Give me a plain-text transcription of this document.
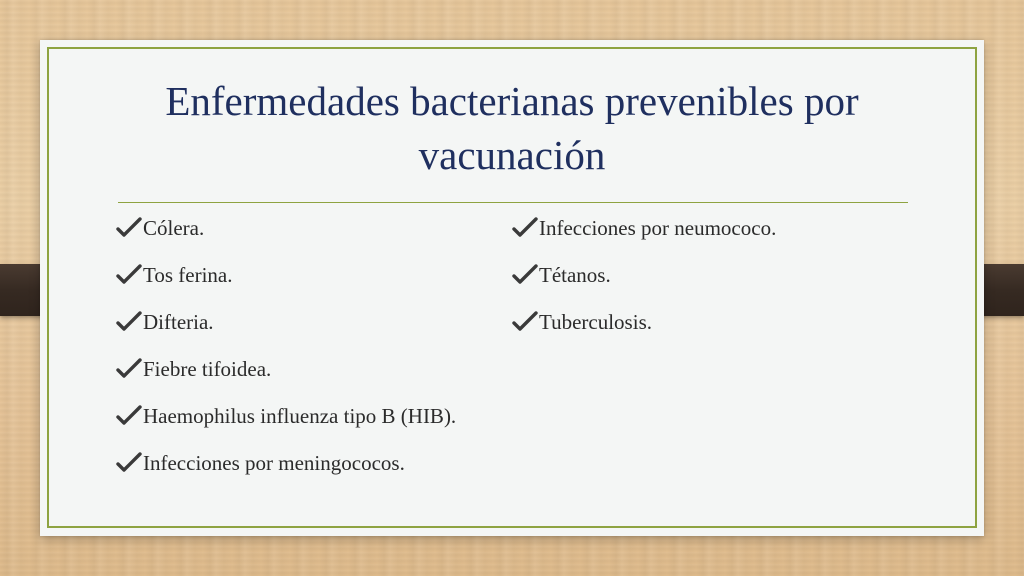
Enfermedades bacterianas prevenibles por vacunación
Cólera.
Tos ferina.
Difteria.
Fiebre tifoidea.
Haemophilus influenza tipo B (HIB).
Infecciones por meningococos.
Infecciones por neumococo.
Tétanos.
Tuberculosis.
